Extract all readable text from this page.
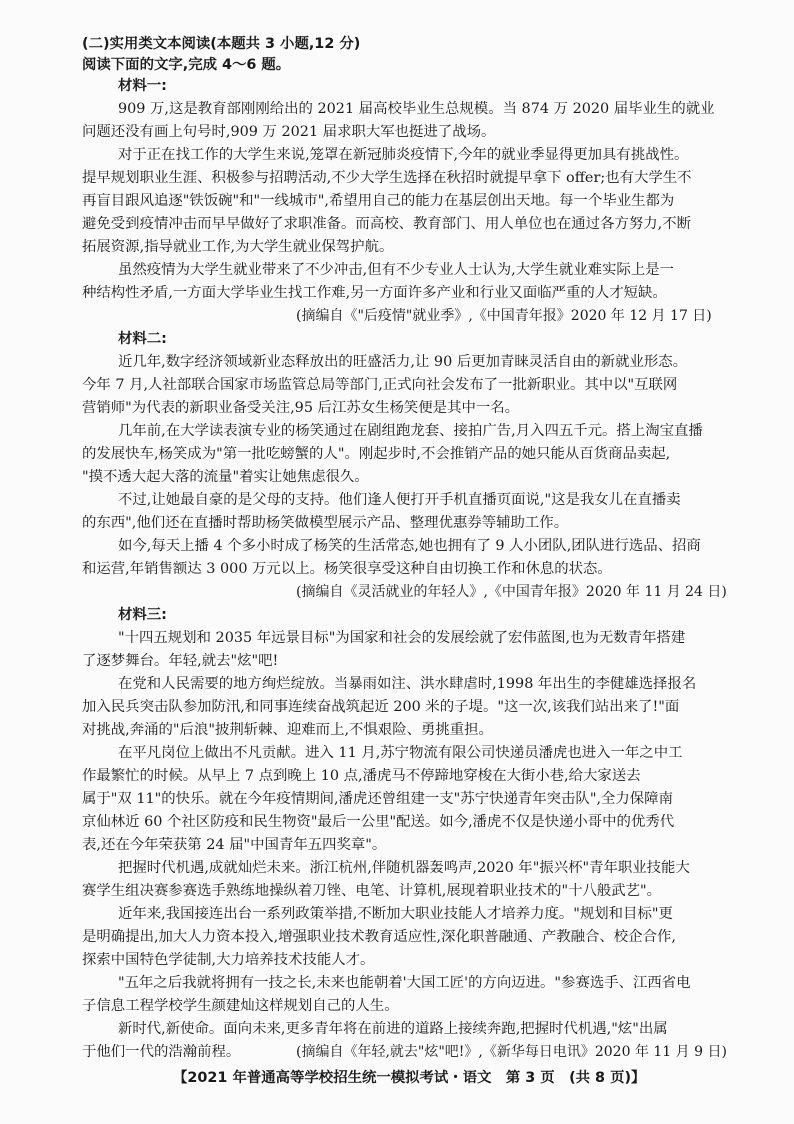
(二)实用类文本阅读(本题共 3 小题,12 分)

阅读下面的文字,完成 4～6 题。

材料一:

909 万,这是教育部刚刚给出的 2021 届高校毕业生总规模。当 874 万 2020 届毕业生的就业

问题还没有画上句号时,909 万 2021 届求职大军也挺进了战场。

对于正在找工作的大学生来说,笼罩在新冠肺炎疫情下,今年的就业季显得更加具有挑战性。

提早规划职业生涯、积极参与招聘活动,不少大学生选择在秋招时就提早拿下 offer;也有大学生不

再盲目跟风追逐"铁饭碗"和"一线城市",希望用自己的能力在基层创出天地。每一个毕业生都为

避免受到疫情冲击而早早做好了求职准备。而高校、教育部门、用人单位也在通过各方努力,不断

拓展资源,指导就业工作,为大学生就业保驾护航。

虽然疫情为大学生就业带来了不少冲击,但有不少专业人士认为,大学生就业难实际上是一

种结构性矛盾,一方面大学毕业生找工作难,另一方面许多产业和行业又面临严重的人才短缺。

(摘编自《"后疫情"就业季》,《中国青年报》2020 年 12 月 17 日)

材料二:

近几年,数字经济领域新业态释放出的旺盛活力,让 90 后更加青睐灵活自由的新就业形态。

今年 7 月,人社部联合国家市场监管总局等部门,正式向社会发布了一批新职业。其中以"互联网

营销师"为代表的新职业备受关注,95 后江苏女生杨笑便是其中一名。

几年前,在大学读表演专业的杨笑通过在剧组跑龙套、接拍广告,月入四五千元。搭上淘宝直播

的发展快车,杨笑成为"第一批吃螃蟹的人"。刚起步时,不会推销产品的她只能从百货商品卖起,

"摸不透大起大落的流量"着实让她焦虑很久。

不过,让她最自豪的是父母的支持。他们逢人便打开手机直播页面说,"这是我女儿在直播卖

的东西",他们还在直播时帮助杨笑做模型展示产品、整理优惠券等辅助工作。

如今,每天上播 4 个多小时成了杨笑的生活常态,她也拥有了 9 人小团队,团队进行选品、招商

和运营,年销售额达 3 000 万元以上。杨笑很享受这种自由切换工作和休息的状态。

(摘编自《灵活就业的年轻人》,《中国青年报》2020 年 11 月 24 日)

材料三:

"十四五规划和 2035 年远景目标"为国家和社会的发展绘就了宏伟蓝图,也为无数青年搭建

了逐梦舞台。年轻,就去"炫"吧!

在党和人民需要的地方绚烂绽放。当暴雨如注、洪水肆虐时,1998 年出生的李健雄选择报名

加入民兵突击队参加防汛,和同事连续奋战筑起近 200 米的子堤。"这一次,该我们站出来了!"面

对挑战,奔涌的"后浪"披荆斩棘、迎难而上,不惧艰险、勇挑重担。

在平凡岗位上做出不凡贡献。进入 11 月,苏宁物流有限公司快递员潘虎也进入一年之中工

作最繁忙的时候。从早上 7 点到晚上 10 点,潘虎马不停蹄地穿梭在大街小巷,给大家送去

属于"双 11"的快乐。就在今年疫情期间,潘虎还曾组建一支"苏宁快递青年突击队",全力保障南

京仙林近 60 个社区防疫和民生物资"最后一公里"配送。如今,潘虎不仅是快递小哥中的优秀代

表,还在今年荣获第 24 届"中国青年五四奖章"。

把握时代机遇,成就灿烂未来。浙江杭州,伴随机器轰鸣声,2020 年"振兴杯"青年职业技能大

赛学生组决赛参赛选手熟练地操纵着刀锉、电笔、计算机,展现着职业技术的"十八般武艺"。

近年来,我国接连出台一系列政策举措,不断加大职业技能人才培养力度。"规划和目标"更

是明确提出,加大人力资本投入,增强职业技术教育适应性,深化职普融通、产教融合、校企合作,

探索中国特色学徒制,大力培养技术技能人才。

"五年之后我就将拥有一技之长,未来也能朝着'大国工匠'的方向迈进。"参赛选手、江西省电

子信息工程学校学生颜建灿这样规划自己的人生。

新时代,新使命。面向未来,更多青年将在前进的道路上接续奔跑,把握时代机遇,"炫"出属

于他们一代的浩瀚前程。	(摘编自《年轻,就去"炫"吧!》,《新华每日电讯》2020 年 11 月 9 日)

【2021 年普通高等学校招生统一模拟考试・语文　第 3 页　(共 8 页)】
